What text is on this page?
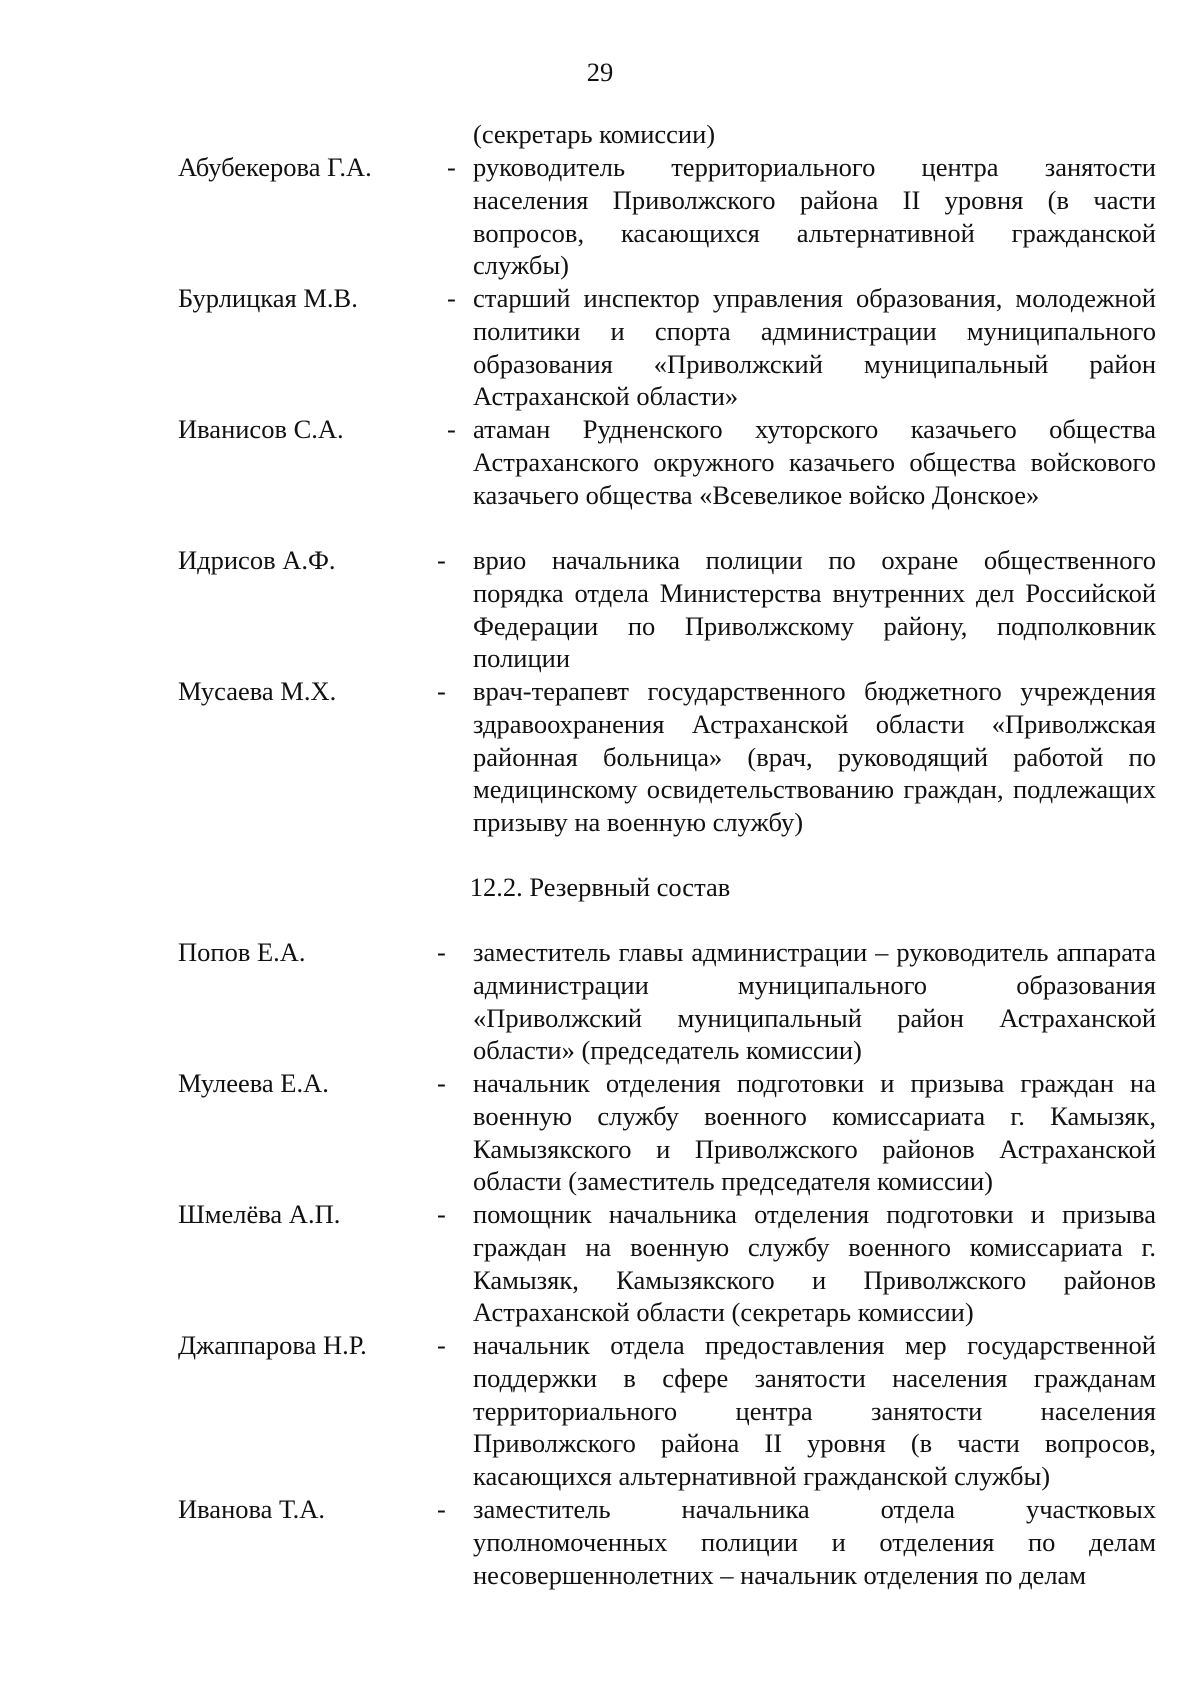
29
(секретарь комиссии)
Абубекерова Г.А.	- руководитель территориального центра занятости населения Приволжского района II уровня (в части вопросов, касающихся альтернативной гражданской службы)
Бурлицкая М.В.	- старший инспектор управления образования, молодежной политики и спорта администрации муниципального образования «Приволжский муниципальный район Астраханской области»
Иванисов С.А.	- атаман Рудненского хуторского казачьего общества Астраханского окружного казачьего общества войскового казачьего общества «Всевеликое войско Донское»
Идрисов А.Ф.	- врио начальника полиции по охране общественного порядка отдела Министерства внутренних дел Российской Федерации по Приволжскому району, подполковник полиции
Мусаева М.Х.	- врач-терапевт государственного бюджетного учреждения здравоохранения Астраханской области «Приволжская районная больница» (врач, руководящий работой по медицинскому освидетельствованию граждан, подлежащих призыву на военную службу)
12.2. Резервный состав
Попов Е.А.	- заместитель главы администрации – руководитель аппарата администрации муниципального образования «Приволжский муниципальный район Астраханской области» (председатель комиссии)
Мулеева Е.А.	- начальник отделения подготовки и призыва граждан на военную службу военного комиссариата г. Камызяк, Камызякского и Приволжского районов Астраханской области (заместитель председателя комиссии)
Шмелёва А.П.	- помощник начальника отделения подготовки и призыва граждан на военную службу военного комиссариата г. Камызяк, Камызякского и Приволжского районов Астраханской области (секретарь комиссии)
Джаппарова Н.Р.	- начальник отдела предоставления мер государственной поддержки в сфере занятости населения гражданам территориального центра занятости населения Приволжского района II уровня (в части вопросов, касающихся альтернативной гражданской службы)
Иванова Т.А.	- заместитель начальника отдела участковых уполномоченных полиции и отделения по делам несовершеннолетних – начальник отделения по делам
